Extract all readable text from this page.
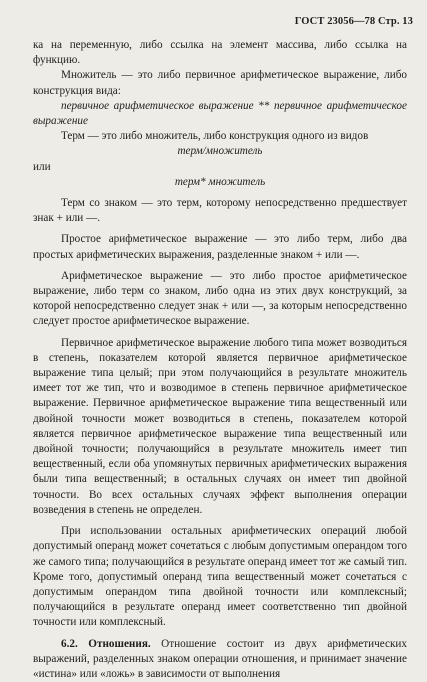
ГОСТ 23056—78 Стр. 13

ка на переменную, либо ссылка на элемент массива, либо ссылка на функцию.

Множитель — это либо первичное арифметическое выражение, либо конструкция вида:

первичное арифметическое выражение ** первичное арифметическое выражение

Терм — это либо множитель, либо конструкция одного из видов

терм/множитель

или

терм* множитель

Терм со знаком — это терм, которому непосредственно предшествует знак + или —.

Простое арифметическое выражение — это либо терм, либо два простых арифметических выражения, разделенные знаком + или —.

Арифметическое выражение — это либо простое арифметическое выражение, либо терм со знаком, либо одна из этих двух конструкций, за которой непосредственно следует знак + или —, за которым непосредственно следует простое арифметическое выражение.

Первичное арифметическое выражение любого типа может возводиться в степень, показателем которой является первичное арифметическое выражение типа целый; при этом получающийся в результате множитель имеет тот же тип, что и возводимое в степень первичное арифметическое выражение. Первичное арифметическое выражение типа вещественный или двойной точности может возводиться в степень, показателем которой является первичное арифметическое выражение типа вещественный или двойной точности; получающийся в результате множитель имеет тип вещественный, если оба упомянутых первичных арифметических выражения были типа вещественный; в остальных случаях он имеет тип двойной точности. Во всех остальных случаях эффект выполнения операции возведения в степень не определен.

При использовании остальных арифметических операций любой допустимый операнд может сочетаться с любым допустимым операндом того же самого типа; получающийся в результате операнд имеет тот же самый тип. Кроме того, допустимый операнд типа вещественный может сочетаться с допустимым операндом типа двойной точности или комплексный; получающийся в результате операнд имеет соответственно тип двойной точности или комплексный.

6.2. Отношения. Отношение состоит из двух арифметических выражений, разделенных знаком операции отношения, и принимает значение «истина» или «ложь» в зависимости от выполнения
